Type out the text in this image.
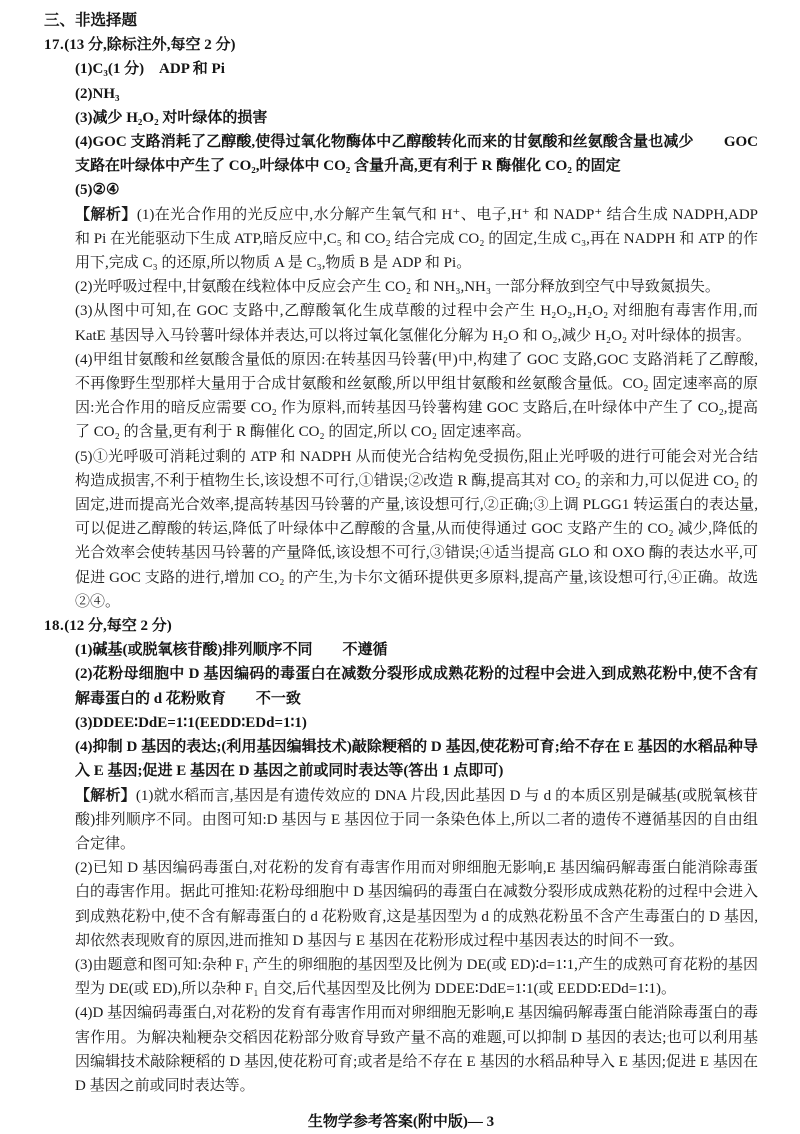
三、非选择题
17.(13 分,除标注外,每空 2 分)

(1)C₃(1 分)　ADP 和 Pi

(2)NH₃

(3)减少 H₂O₂ 对叶绿体的损害

(4)GOC 支路消耗了乙醇酸,使得过氧化物酶体中乙醇酸转化而来的甘氨酸和丝氨酸含量也减少　　GOC 支路在叶绿体中产生了 CO₂,叶绿体中 CO₂ 含量升高,更有利于 R 酶催化 CO₂ 的固定

(5)②④

【解析】(1)在光合作用的光反应中,水分解产生氧气和 H⁺、电子,H⁺ 和 NADP⁺ 结合生成 NADPH,ADP 和 Pi 在光能驱动下生成 ATP,暗反应中,C₅ 和 CO₂ 结合完成 CO₂ 的固定,生成 C₃,再在 NADPH 和 ATP 的作用下,完成 C₃ 的还原,所以物质 A 是 C₃,物质 B 是 ADP 和 Pi。

(2)光呼吸过程中,甘氨酸在线粒体中反应会产生 CO₂ 和 NH₃,NH₃ 一部分释放到空气中导致氮损失。

(3)从图中可知,在 GOC 支路中,乙醇酸氧化生成草酸的过程中会产生 H₂O₂,H₂O₂ 对细胞有毒害作用,而 KatE 基因导入马铃薯叶绿体并表达,可以将过氧化氢催化分解为 H₂O 和 O₂,减少 H₂O₂ 对叶绿体的损害。

(4)甲组甘氨酸和丝氨酸含量低的原因:在转基因马铃薯(甲)中,构建了 GOC 支路,GOC 支路消耗了乙醇酸,不再像野生型那样大量用于合成甘氨酸和丝氨酸,所以甲组甘氨酸和丝氨酸含量低。CO₂ 固定速率高的原因:光合作用的暗反应需要 CO₂ 作为原料,而转基因马铃薯构建 GOC 支路后,在叶绿体中产生了 CO₂,提高了 CO₂ 的含量,更有利于 R 酶催化 CO₂ 的固定,所以 CO₂ 固定速率高。

(5)①光呼吸可消耗过剩的 ATP 和 NADPH 从而使光合结构免受损伤,阻止光呼吸的进行可能会对光合结构造成损害,不利于植物生长,该设想不可行,①错误;②改造 R 酶,提高其对 CO₂ 的亲和力,可以促进 CO₂ 的固定,进而提高光合效率,提高转基因马铃薯的产量,该设想可行,②正确;③上调 PLGG1 转运蛋白的表达量,可以促进乙醇酸的转运,降低了叶绿体中乙醇酸的含量,从而使得通过 GOC 支路产生的 CO₂ 减少,降低的光合效率会使转基因马铃薯的产量降低,该设想不可行,③错误;④适当提高 GLO 和 OXO 酶的表达水平,可促进 GOC 支路的进行,增加 CO₂ 的产生,为卡尔文循环提供更多原料,提高产量,该设想可行,④正确。故选②④。

18.(12 分,每空 2 分)

(1)碱基(或脱氧核苷酸)排列顺序不同　　不遵循

(2)花粉母细胞中 D 基因编码的毒蛋白在减数分裂形成成熟花粉的过程中会进入到成熟花粉中,使不含有解毒蛋白的 d 花粉败育　　不一致

(3)DDEE∶DdE=1∶1(EEDD∶EDd=1∶1)

(4)抑制 D 基因的表达;(利用基因编辑技术)敲除粳稻的 D 基因,使花粉可育;给不存在 E 基因的水稻品种导入 E 基因;促进 E 基因在 D 基因之前或同时表达等(答出 1 点即可)

【解析】(1)就水稻而言,基因是有遗传效应的 DNA 片段,因此基因 D 与 d 的本质区别是碱基(或脱氧核苷酸)排列顺序不同。由图可知:D 基因与 E 基因位于同一条染色体上,所以二者的遗传不遵循基因的自由组合定律。

(2)已知 D 基因编码毒蛋白,对花粉的发育有毒害作用而对卵细胞无影响,E 基因编码解毒蛋白能消除毒蛋白的毒害作用。据此可推知:花粉母细胞中 D 基因编码的毒蛋白在减数分裂形成成熟花粉的过程中会进入到成熟花粉中,使不含有解毒蛋白的 d 花粉败育,这是基因型为 d 的成熟花粉虽不含产生毒蛋白的 D 基因,却依然表现败育的原因,进而推知 D 基因与 E 基因在花粉形成过程中基因表达的时间不一致。

(3)由题意和图可知:杂种 F₁ 产生的卵细胞的基因型及比例为 DE(或 ED)∶d=1∶1,产生的成熟可育花粉的基因型为 DE(或 ED),所以杂种 F₁ 自交,后代基因型及比例为 DDEE∶DdE=1∶1(或 EEDD∶EDd=1∶1)。

(4)D 基因编码毒蛋白,对花粉的发育有毒害作用而对卵细胞无影响,E 基因编码解毒蛋白能消除毒蛋白的毒害作用。为解决籼粳杂交稻因花粉部分败育导致产量不高的难题,可以抑制 D 基因的表达;也可以利用基因编辑技术敲除粳稻的 D 基因,使花粉可育;或者是给不存在 E 基因的水稻品种导入 E 基因;促进 E 基因在 D 基因之前或同时表达等。

生物学参考答案(附中版)— 3
